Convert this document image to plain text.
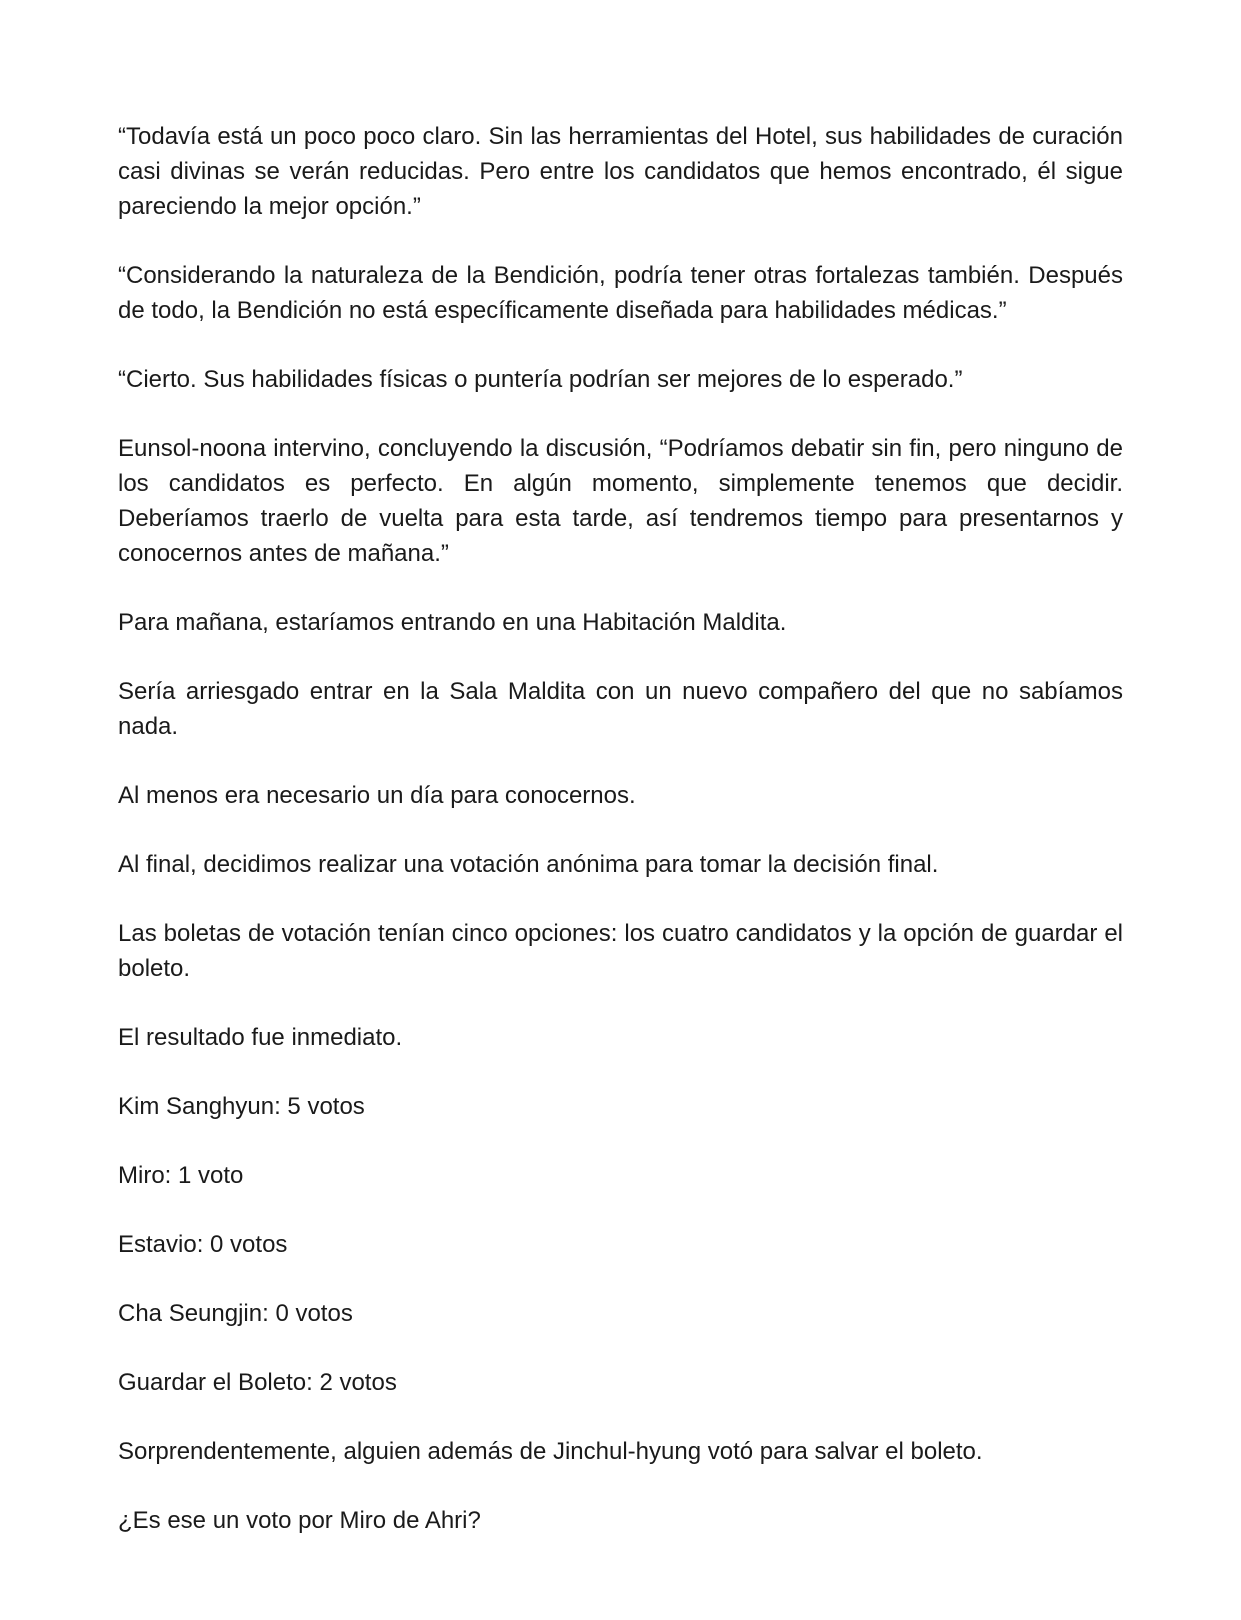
“Todavía está un poco poco claro. Sin las herramientas del Hotel, sus habilidades de curación casi divinas se verán reducidas. Pero entre los candidatos que hemos encontrado, él sigue pareciendo la mejor opción.”

“Considerando la naturaleza de la Bendición, podría tener otras fortalezas también. Después de todo, la Bendición no está específicamente diseñada para habilidades médicas.”

“Cierto. Sus habilidades físicas o puntería podrían ser mejores de lo esperado.”

Eunsol-noona intervino, concluyendo la discusión, “Podríamos debatir sin fin, pero ninguno de los candidatos es perfecto. En algún momento, simplemente tenemos que decidir. Deberíamos traerlo de vuelta para esta tarde, así tendremos tiempo para presentarnos y conocernos antes de mañana.”

Para mañana, estaríamos entrando en una Habitación Maldita.

Sería arriesgado entrar en la Sala Maldita con un nuevo compañero del que no sabíamos nada.

Al menos era necesario un día para conocernos.

Al final, decidimos realizar una votación anónima para tomar la decisión final.

Las boletas de votación tenían cinco opciones: los cuatro candidatos y la opción de guardar el boleto.

El resultado fue inmediato.

Kim Sanghyun: 5 votos

Miro: 1 voto

Estavio: 0 votos

Cha Seungjin: 0 votos

Guardar el Boleto: 2 votos

Sorprendentemente, alguien además de Jinchul-hyung votó para salvar el boleto.

¿Es ese un voto por Miro de Ahri?
